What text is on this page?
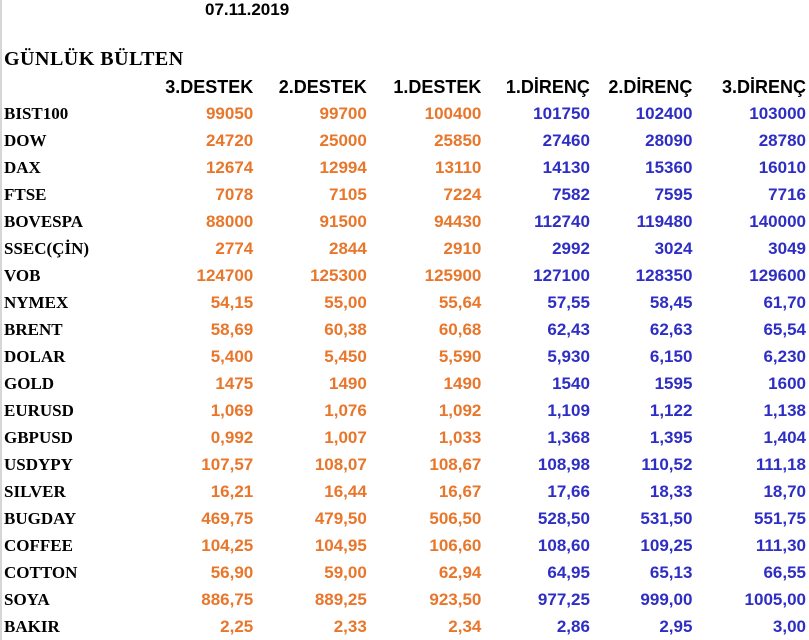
07.11.2019
GÜNLÜK BÜLTEN
	3.DESTEK	2.DESTEK	1.DESTEK	1.DİRENÇ	2.DİRENÇ	3.DİRENÇ
BIST100	99050	99700	100400	101750	102400	103000
DOW	24720	25000	25850	27460	28090	28780
DAX	12674	12994	13110	14130	15360	16010
FTSE	7078	7105	7224	7582	7595	7716
BOVESPA	88000	91500	94430	112740	119480	140000
SSEC(ÇİN)	2774	2844	2910	2992	3024	3049
VOB	124700	125300	125900	127100	128350	129600
NYMEX	54,15	55,00	55,64	57,55	58,45	61,70
BRENT	58,69	60,38	60,68	62,43	62,63	65,54
DOLAR	5,400	5,450	5,590	5,930	6,150	6,230
GOLD	1475	1490	1490	1540	1595	1600
EURUSD	1,069	1,076	1,092	1,109	1,122	1,138
GBPUSD	0,992	1,007	1,033	1,368	1,395	1,404
USDYPY	107,57	108,07	108,67	108,98	110,52	111,18
SILVER	16,21	16,44	16,67	17,66	18,33	18,70
BUGDAY	469,75	479,50	506,50	528,50	531,50	551,75
COFFEE	104,25	104,95	106,60	108,60	109,25	111,30
COTTON	56,90	59,00	62,94	64,95	65,13	66,55
SOYA	886,75	889,25	923,50	977,25	999,00	1005,00
BAKIR	2,25	2,33	2,34	2,86	2,95	3,00
